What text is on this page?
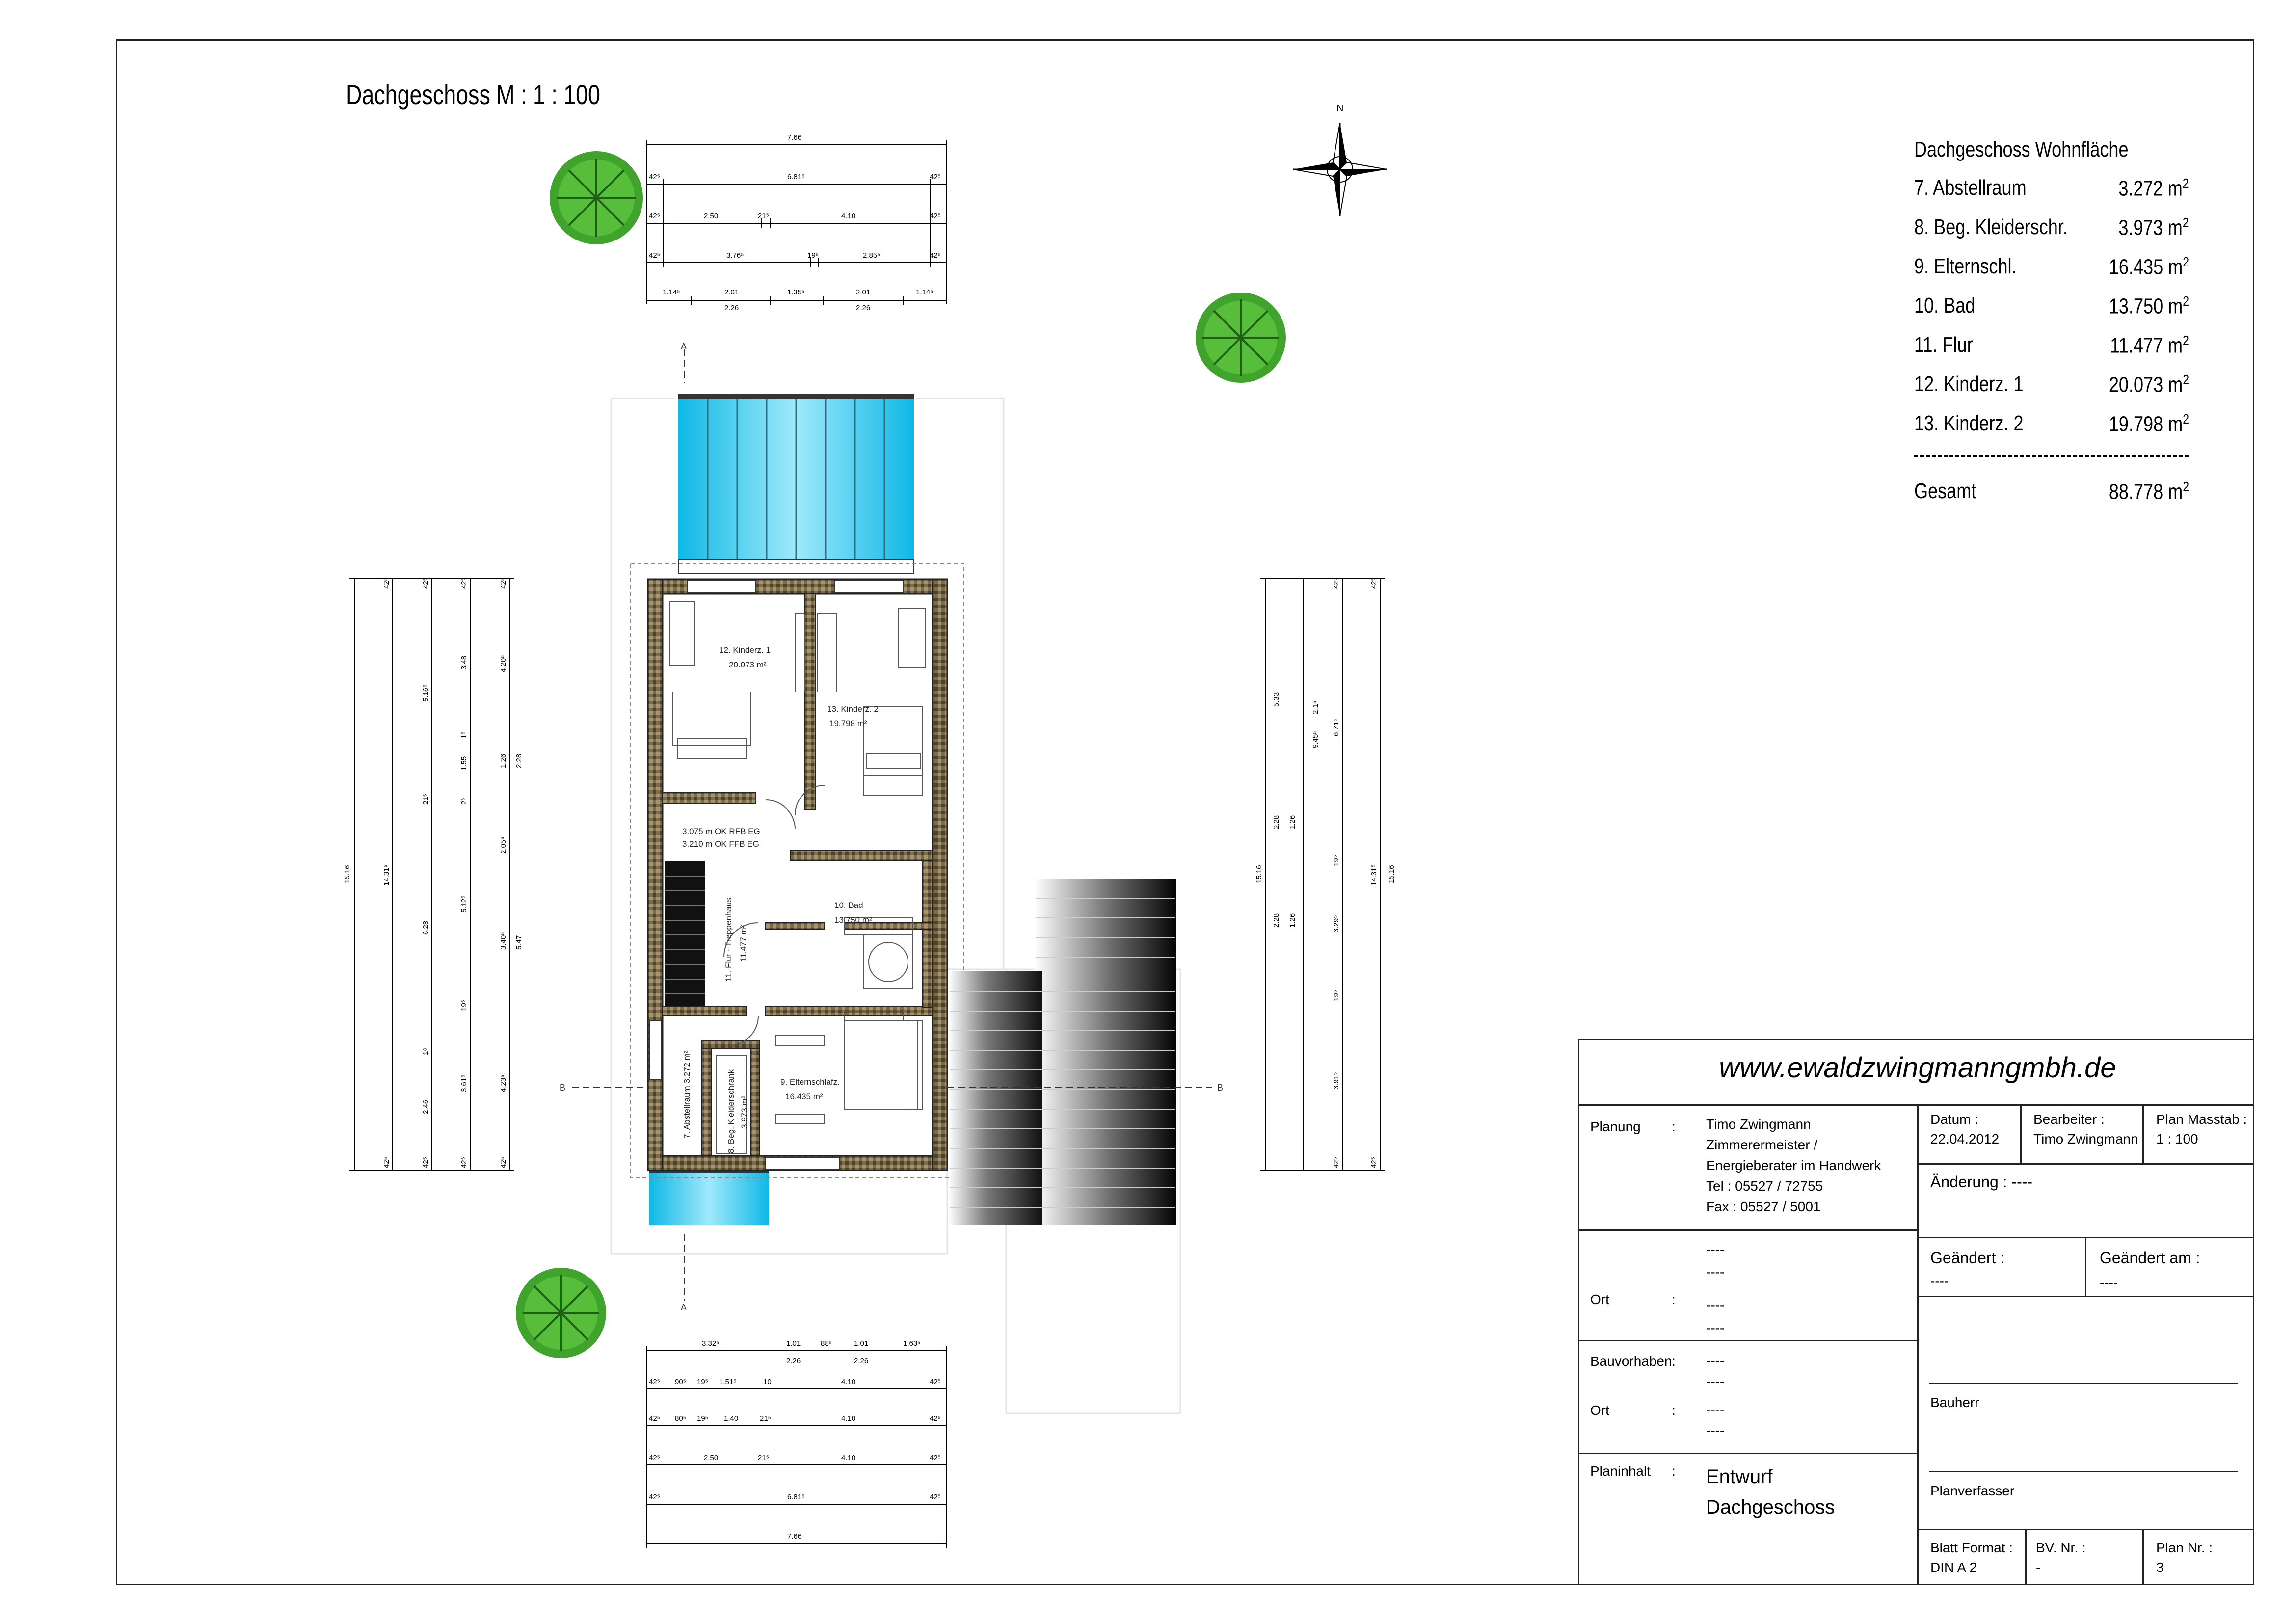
Dachgeschoss M : 1 : 100
Dachgeschoss Wohnfläche
7. Abstellraum	3.272 $m^2$
8. Beg. Kleiderschr. 3.973 $m^2$
9. Elternschl.	16.435 $m^2$
10. Bad	13.750 $m^2$
11. Flur	11.477 $m^2$
12. Kinderz. 1	20.073 $m^2$
13. Kinderz. 2	19.798 $m^2$
Gesamt	88.778 $m^2$
12. Kinderz. 1
20.073 m²
13. Kinderz. 2
19.798 m²
10. Bad
13.750 m²
9. Elternschlafz.
16.435 m²
3.075 m OK RFB EG
3.210 m OK FFB EG
11. Flur - Treppenhaus 11.477 m²
7. Abstellraum 3.272 m²	8. Beg. Kleiderschrank 3.973 m²
A
A
B	B
N
7.66
42⁵	6.81⁵	42⁵
42⁵	2.50	21⁵	4.10	42⁵
42⁵	3.76⁵	19⁵	2.85⁵	42⁵
1.14⁵	2.01	1.35⁵	2.01	1.14⁵
2.26	2.26
3.32⁵	1.01	88⁵	1.01	1.63⁵
2.26	2.26
42⁵ 90⁵ 19⁵ 1.51⁵	10	4.10	42⁵
42⁵ 80⁵ 19⁵ 1.40	21⁵	4.10	42⁵
42⁵	2.50	21⁵	4.10	42⁵
42⁵	6.81⁵	42⁵
7.66
15.16
42⁵
14.31⁵
42⁵
42⁵
5.16⁵
21⁵
6.28
1⁸
2.46
42⁵
42⁵
3.48
1⁵
1.55
2⁵
5.12⁵
19⁵
3.61⁵
42⁵
42⁵
4.20⁵
1.26 2.28
2.05⁵
3.40⁵ 5.47
4.23⁵
42⁵
5.33
2.28 1.26
2.28 1.26
15.16
9.45⁵
2.1⁵
42⁵
6.71⁵
19⁵
3.29⁵
19⁵
3.91⁵
42⁵
42⁵
14.31⁵
42⁵
15.16
www.ewaldzwingmanngmbh.de
Planung : Timo Zwingmann
Zimmerermeister /
Energieberater im Handwerk
Tel : 05527 / 72755
Fax : 05527 / 5001
Ort	:
----
----
----
----
Bauvorhaben : ----
----
Ort	: ----
----
Planinhalt : Entwurf
Dachgeschoss
Datum :
22.04.2012
Bearbeiter :
Timo Zwingmann
Plan Masstab :
1 : 100
Änderung : ----
Geändert :
----
Geändert am :
----
Bauherr
Planverfasser
Blatt Format :
DIN A 2
BV. Nr. :
-
Plan Nr. :
3
